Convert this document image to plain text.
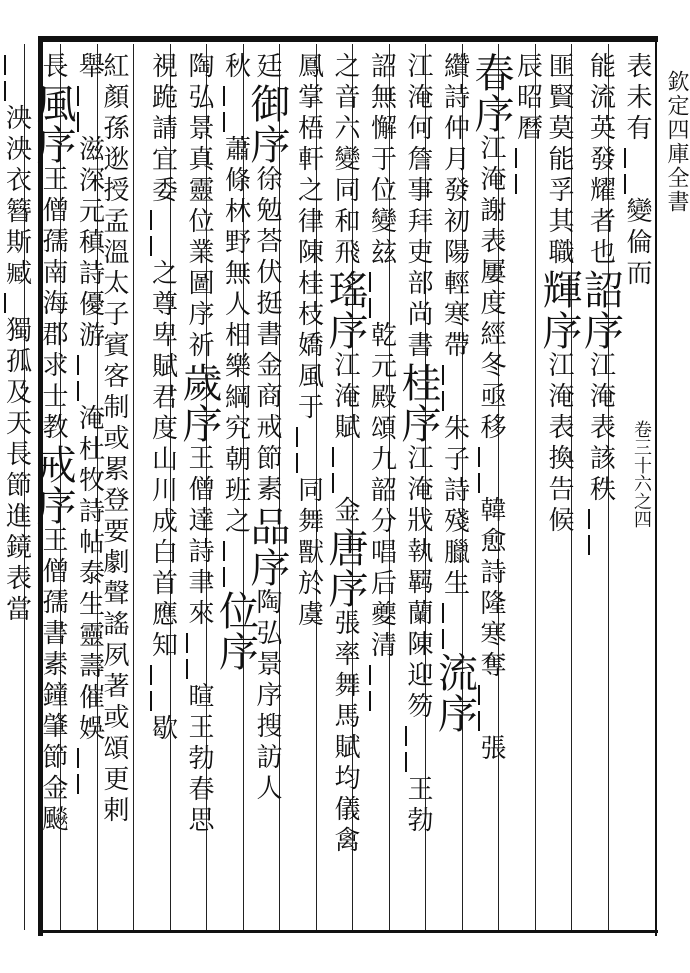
欽定四庫全書
卷三十六之四
表未有變倫而
能流英發耀者也詔序江淹表該秩
匪賢莫能孚其職輝序江淹表換告候
辰昭曆
春序江淹謝表屢度經冬亟移韓愈詩隆寒奪張
纘詩仲月發初陽輕寒帶朱子詩殘臘生流序
江淹何詹事拜吏部尚書桂序江淹戕執羁蘭陳迎笏王勃
詔無懈于位變玆乾元殿頌九韶分唱后夔清
之音六變同和飛瑤序江淹賦金唐序張率舞馬賦均儀禽
鳳掌梧軒之律陳桂枝嬌風于同舞獸於虞
廷御序徐勉荅伏挺書金商戒節素品序陶弘景序搜訪人
秋蕭條林野無人相樂綱究朝班之位序
陶弘景真靈位業圖序祈歲序王僧達詩聿來暄王勃春思
視跪請宜委之尊卑賦君度山川成白首應知歇
紅顏孫逖授孟溫太子賓客制或累登要劇聲謠夙著或頌更剌
舉滋深元稹詩優游淹杜牧詩帖泰生靈壽催娛
長風序王僧孺南海郡求士教戒序王僧孺書素鐘肇節金飈
泱泱衣簪斯臧獨孤及天長節進鏡表當
